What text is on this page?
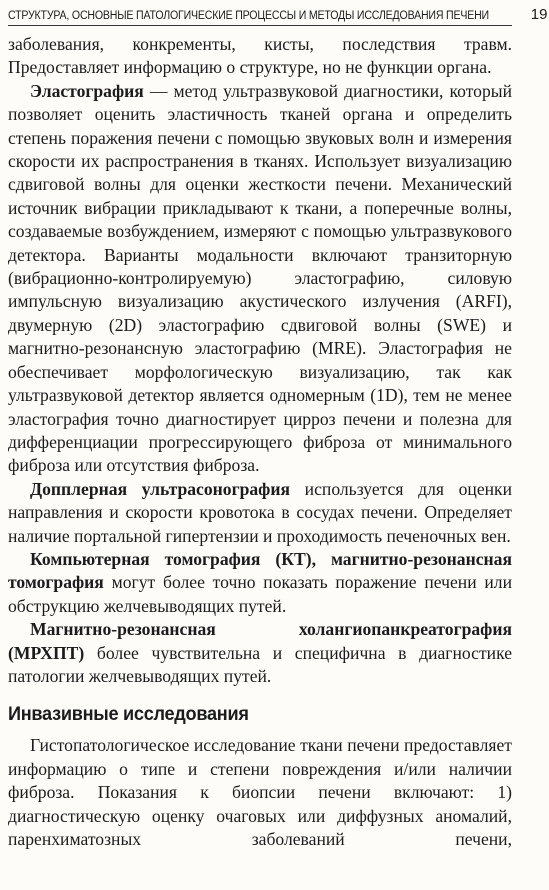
СТРУКТУРА, ОСНОВНЫЕ ПАТОЛОГИЧЕСКИЕ ПРОЦЕССЫ И МЕТОДЫ ИССЛЕДОВАНИЯ ПЕЧЕНИ	19

заболевания, конкременты, кисты, последствия травм. Предоставляет информацию о структуре, но не функции органа.

Эластография — метод ультразвуковой диагностики, который позволяет оценить эластичность тканей органа и определить степень поражения печени с помощью звуковых волн и измерения скорости их распространения в тканях. Использует визуализацию сдвиговой волны для оценки жесткости печени. Механический источник вибрации прикладывают к ткани, а поперечные волны, создаваемые возбуждением, измеряют с помощью ультразвукового детектора. Варианты модальности включают транзиторную (вибрационно-контролируемую) эластографию, силовую импульсную визуализацию акустического излучения (ARFI), двумерную (2D) эластографию сдвиговой волны (SWE) и магнитно-резонансную эластографию (MRE). Эластография не обеспечивает морфологическую визуализацию, так как ультразвуковой детектор является одномерным (1D), тем не менее эластография точно диагностирует цирроз печени и полезна для дифференциации прогрессирующего фиброза от минимального фиброза или отсутствия фиброза.

Допплерная ультрасонография используется для оценки направления и скорости кровотока в сосудах печени. Определяет наличие портальной гипертензии и проходимость печеночных вен.

Компьютерная томография (КТ), магнитно-резонансная томография могут более точно показать поражение печени или обструкцию желчевыводящих путей.

Магнитно-резонансная холангиопанкреатография (МРХПТ) более чувствительна и специфична в диагностике патологии желчевыводящих путей.

Инвазивные исследования

Гистопатологическое исследование ткани печени предоставляет информацию о типе и степени повреждения и/или наличии фиброза. Показания к биопсии печени включают: 1) диагностическую оценку очаговых или диффузных аномалий, паренхиматозных заболеваний печени,
